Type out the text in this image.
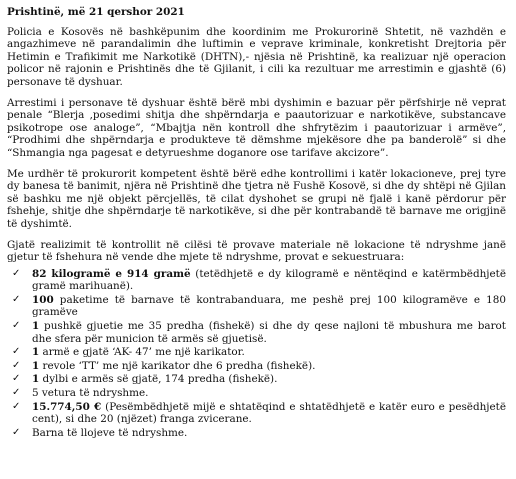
Prishtinë, më 21 qershor 2021

Policia e Kosovës në bashkëpunim dhe koordinim me Prokurorinë Shtetit, në vazhdën e angazhimeve në parandalimin dhe luftimin e veprave kriminale, konkretisht Drejtoria për Hetimin e Trafikimit me Narkotikë (DHTN),- njësia në Prishtinë, ka realizuar një operacion policor në rajonin e Prishtinës dhe të Gjilanit, i cili ka rezultuar me arrestimin e gjashtë (6) personave të dyshuar.

Arrestimi i personave të dyshuar është bërë mbi dyshimin e bazuar për përfshirje në veprat penale “Blerja ,posedimi shitja dhe shpërndarja e paautorizuar e narkotikëve, substancave psikotrope ose analoge”, “Mbajtja nën kontroll dhe shfrytëzim i paautorizuar i armëve”, “Prodhimi dhe shpërndarja e produkteve të dëmshme mjekësore dhe pa banderolë” si dhe “Shmangia nga pagesat e detyrueshme doganore ose tarifave akcizore”.

Me urdhër të prokurorit kompetent është bërë edhe kontrollimi i katër lokacioneve, prej tyre dy banesa të banimit, njëra në Prishtinë dhe tjetra në Fushë Kosovë, si dhe dy shtëpi në Gjilan së bashku me një objekt përcjellës, të cilat dyshohet se grupi në fjalë i kanë përdorur për fshehje, shitje dhe shpërndarje të narkotikëve, si dhe për kontrabandë të barnave me origjinë të dyshimtë.

Gjatë realizimit të kontrollit në cilësi të provave materiale në lokacione të ndryshme janë gjetur të fshehura në vende dhe mjete të ndryshme, provat e sekuestruara:

✓	82 kilogramë e 914 gramë (tetëdhjetë e dy kilogramë e nëntëqind e katërmbëdhjetë gramë marihuanë).
✓	100 paketime të barnave të kontrabanduara, me peshë prej 100 kilogramëve e 180 gramëve
✓	1 pushkë gjuetie me 35 predha (fishekë) si dhe dy qese najloni të mbushura me barot dhe sfera për municion të armës së gjuetisë.
✓	1 armë e gjatë ‘AK- 47’ me një karikator.
✓	1 revole ‘TT’ me një karikator dhe 6 predha (fishekë).
✓	1 dylbi e armës së gjatë, 174 predha (fishekë).
✓	5 vetura të ndryshme.
✓	15.774,50 € (Pesëmbëdhjetë mijë e shtatëqind e shtatëdhjetë e katër euro e pesëdhjetë cent), si dhe 20 (njëzet) franga zvicerane.
✓	Barna të llojeve të ndryshme.
